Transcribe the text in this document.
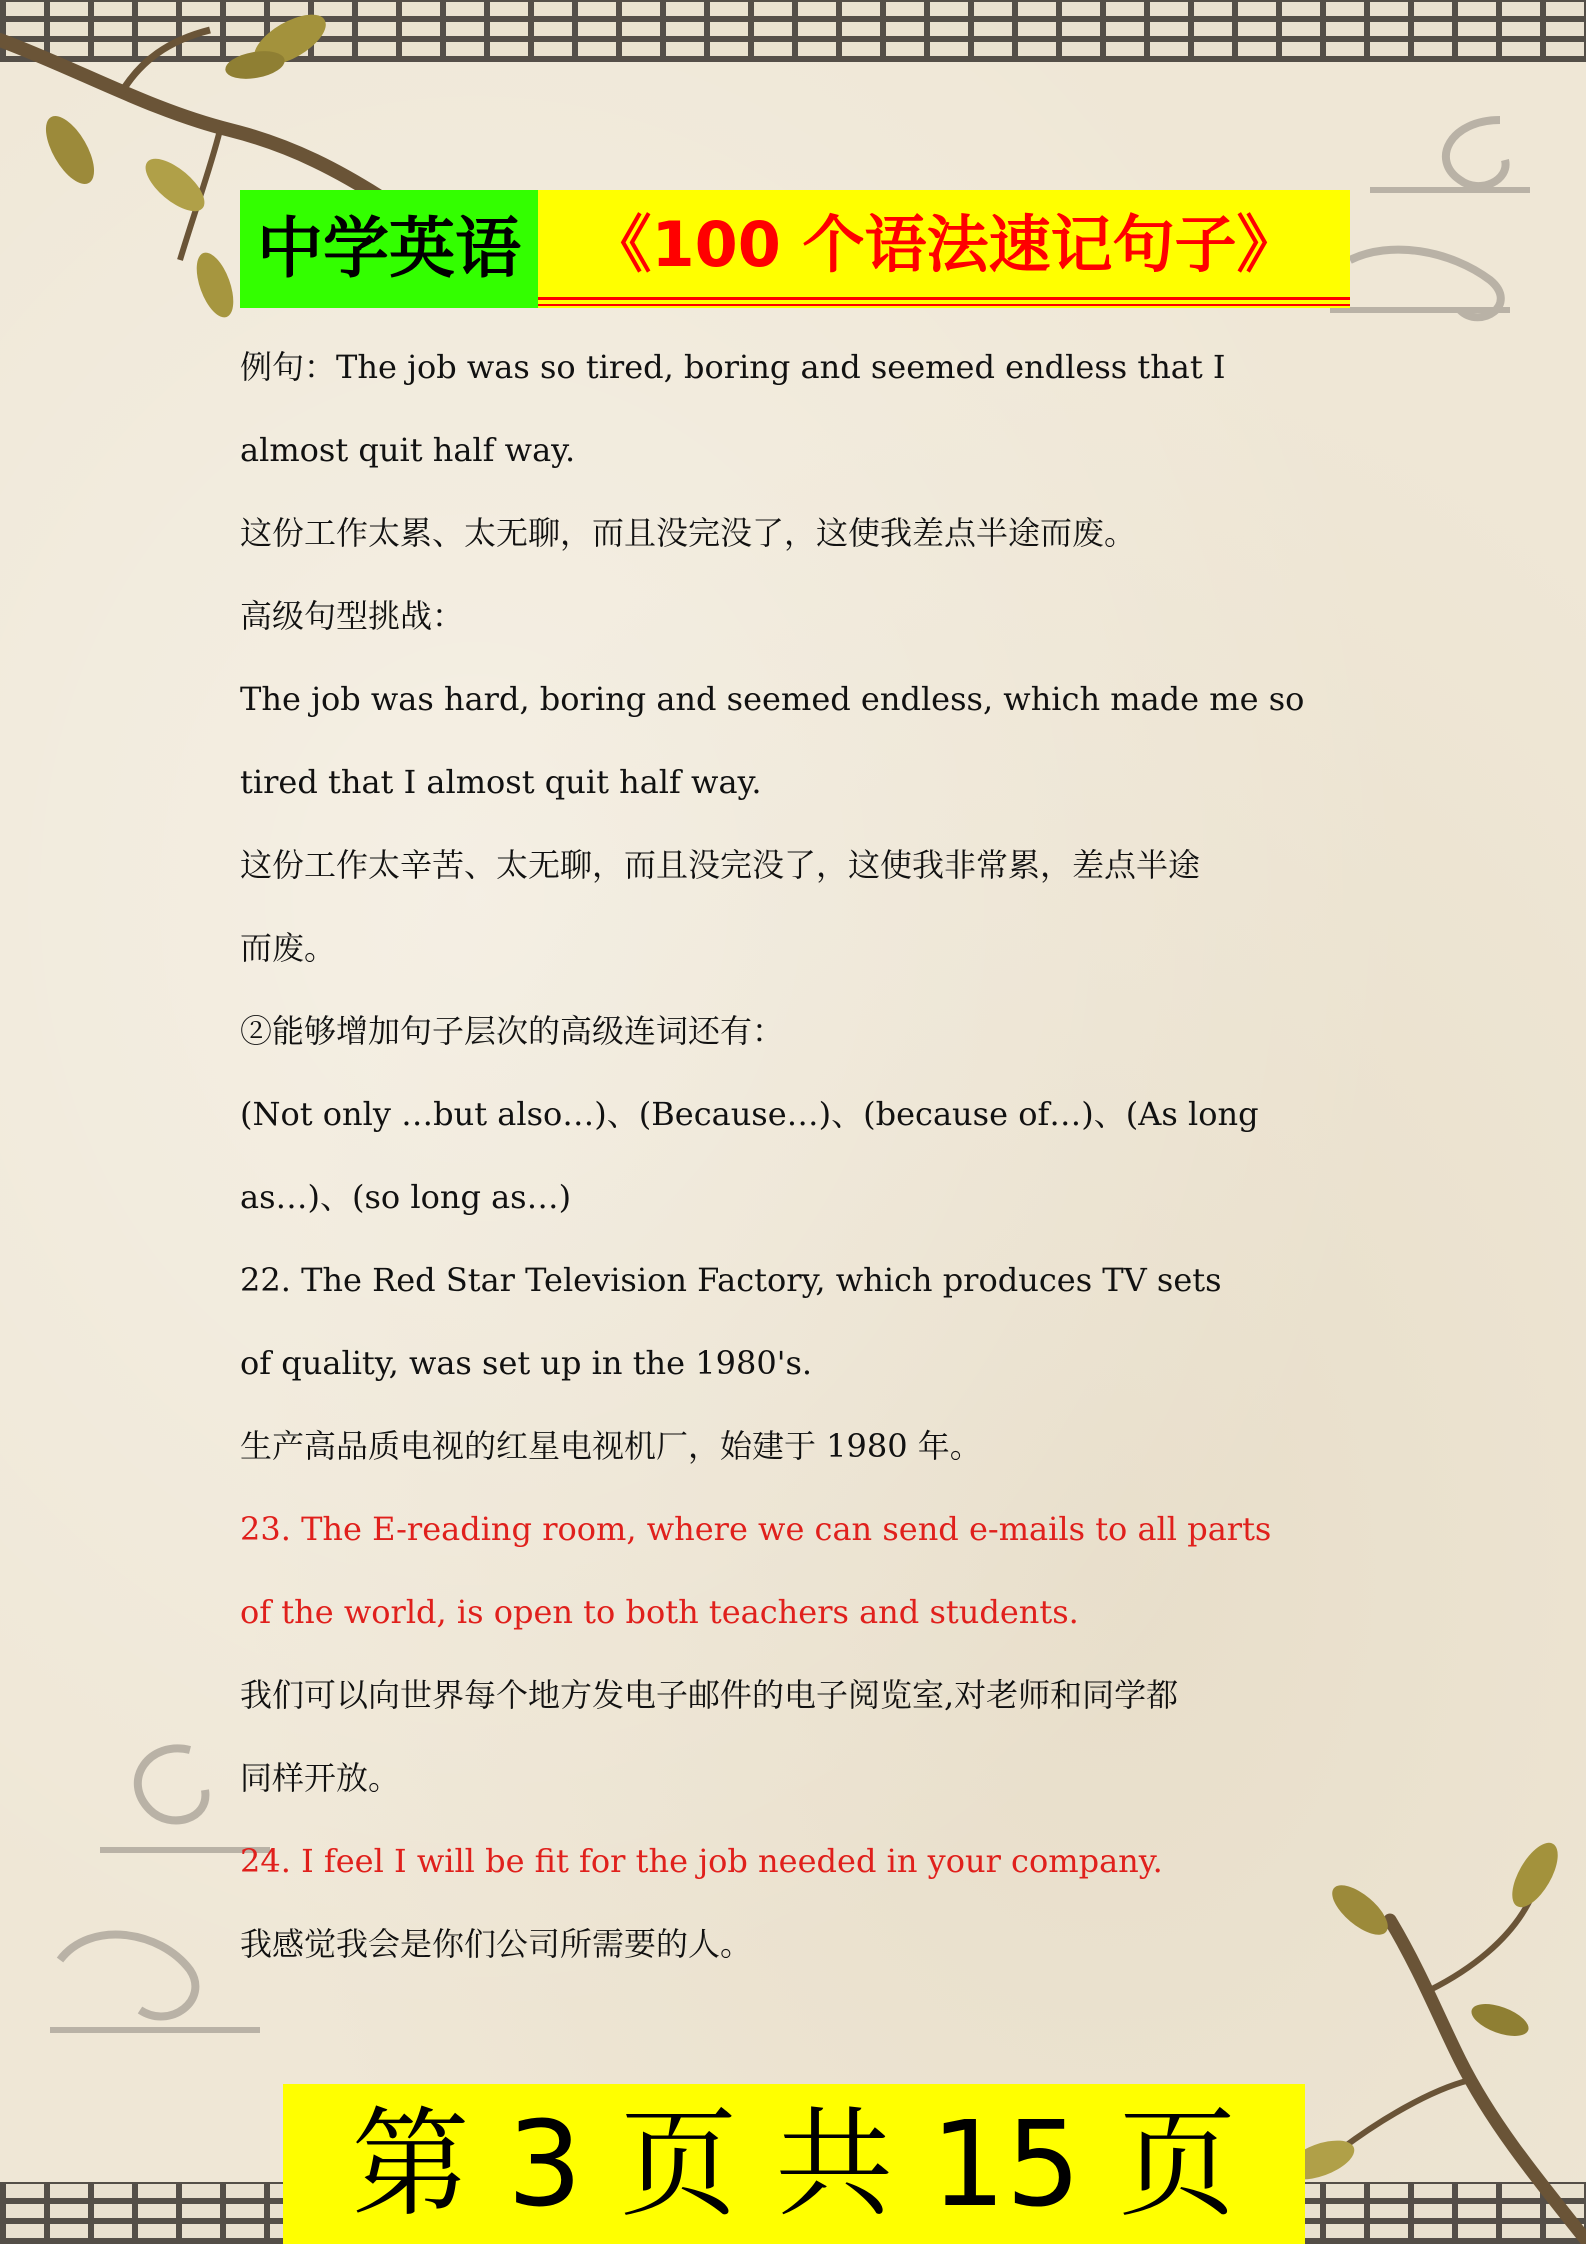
中学英语	《100 个语法速记句子》
例句：The job was so tired, boring and seemed endless that I
almost quit half way.
这份工作太累、太无聊，而且没完没了，这使我差点半途而废。
高级句型挑战：
The job was hard, boring and seemed endless, which made me so
tired that I almost quit half way.
这份工作太辛苦、太无聊，而且没完没了，这使我非常累，差点半途
而废。
②能够增加句子层次的高级连词还有：
(Not only …but also…)、(Because…)、(because of…)、(As long
as…)、(so long as…)
22. The Red Star Television Factory, which produces TV sets
of quality, was set up in the 1980's.
生产高品质电视的红星电视机厂，始建于 1980 年。
23. The E-reading room, where we can send e-mails to all parts
of the world, is open to both teachers and students.
我们可以向世界每个地方发电子邮件的电子阅览室,对老师和同学都
同样开放。
24. I feel I will be fit for the job needed in your company.
我感觉我会是你们公司所需要的人。
第 3 页 共 15 页
